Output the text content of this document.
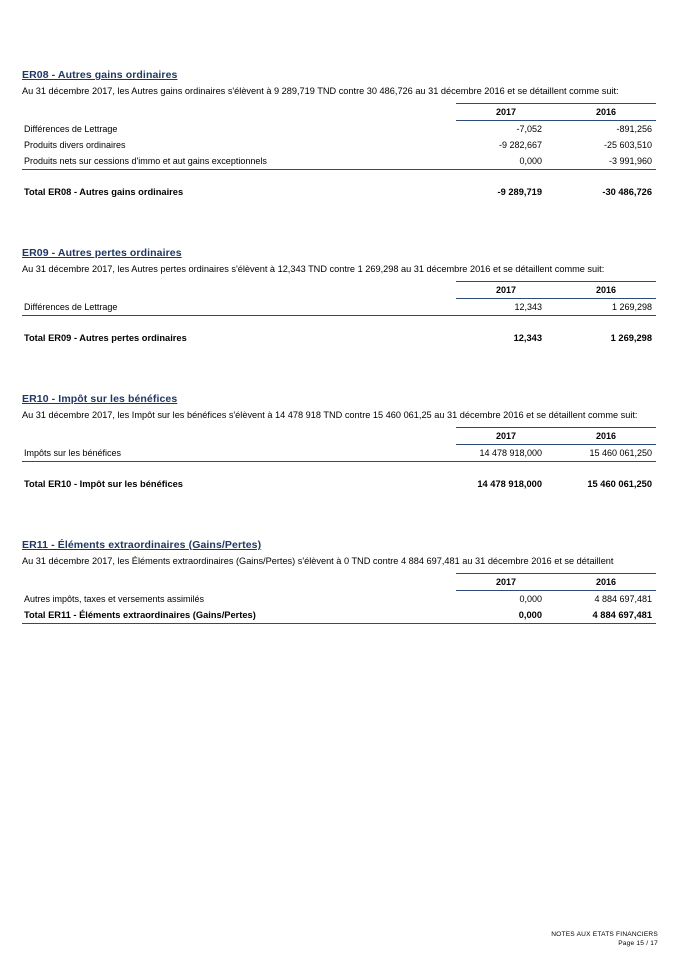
ER08 - Autres gains ordinaires
Au 31 décembre 2017, les Autres gains ordinaires s'élèvent à 9 289,719 TND contre 30 486,726 au 31 décembre 2016 et se détaillent comme suit:
	2017	2016
Différences de Lettrage	-7,052	-891,256
Produits divers ordinaires	-9 282,667	-25 603,510
Produits nets sur cessions d'immo et aut gains exceptionnels	0,000	-3 991,960
Total ER08 - Autres gains ordinaires	-9 289,719	-30 486,726
ER09 - Autres pertes ordinaires
Au 31 décembre 2017, les Autres pertes ordinaires s'élèvent à 12,343 TND contre 1 269,298 au 31 décembre 2016 et se détaillent comme suit:
	2017	2016
Différences de Lettrage	12,343	1 269,298
Total ER09 - Autres pertes ordinaires	12,343	1 269,298
ER10 - Impôt sur les bénéfices
Au 31 décembre 2017, les Impôt sur les bénéfices s'élèvent à 14 478 918 TND contre 15 460 061,25 au 31 décembre 2016 et se détaillent comme suit:
	2017	2016
Impôts sur les bénéfices	14 478 918,000	15 460 061,250
Total ER10 - Impôt sur les bénéfices	14 478 918,000	15 460 061,250
ER11 - Éléments extraordinaires (Gains/Pertes)
Au 31 décembre 2017, les Éléments extraordinaires (Gains/Pertes) s'élèvent à 0 TND contre 4 884 697,481 au 31 décembre 2016 et se détaillent
	2017	2016
Autres impôts, taxes et versements assimilés	0,000	4 884 697,481
Total ER11 - Éléments extraordinaires (Gains/Pertes)	0,000	4 884 697,481
NOTES AUX ETATS FINANCIERS
Page 15 / 17
